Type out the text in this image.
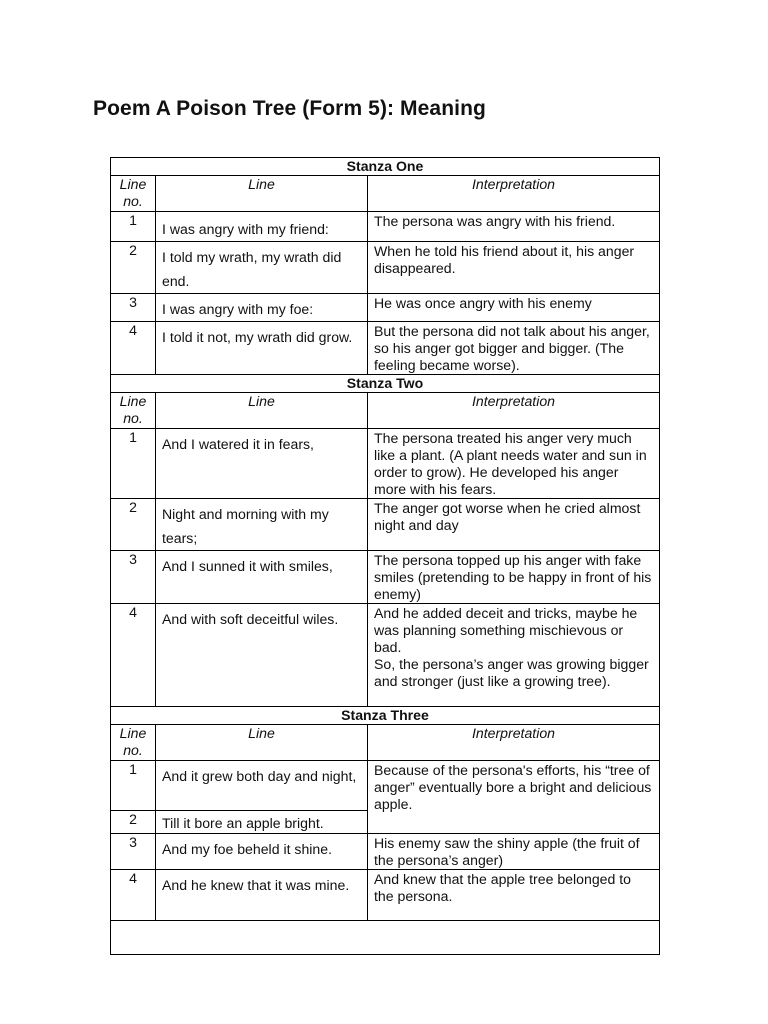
Poem A Poison Tree (Form 5): Meaning
Stanza One		
Line no.	Line	Interpretation
1	I was angry with my friend:	The persona was angry with his friend.
2	I told my wrath, my wrath did end.	When he told his friend about it, his anger disappeared.
3	I was angry with my foe:	He was once angry with his enemy
4	I told it not, my wrath did grow.	But the persona did not talk about his anger, so his anger got bigger and bigger. (The feeling became worse).
Stanza Two		
Line no.	Line	Interpretation
1	And I watered it in fears,	The persona treated his anger very much like a plant. (A plant needs water and sun in order to grow). He developed his anger more with his fears.
2	Night and morning with my tears;	The anger got worse when he cried almost night and day
3	And I sunned it with smiles,	The persona topped up his anger with fake smiles (pretending to be happy in front of his enemy)
4	And with soft deceitful wiles.	And he added deceit and tricks, maybe he was planning something mischievous or bad.
So, the persona’s anger was growing bigger and stronger (just like a growing tree).

Stanza Three		
Line no.	Line	Interpretation
1	And it grew both day and night,	Because of the persona's efforts, his “tree of anger” eventually bore a bright and delicious apple.
2	Till it bore an apple bright.	
3	And my foe beheld it shine.	His enemy saw the shiny apple (the fruit of the persona’s anger)
4	And he knew that it was mine.	And knew that the apple tree belonged to the persona.
